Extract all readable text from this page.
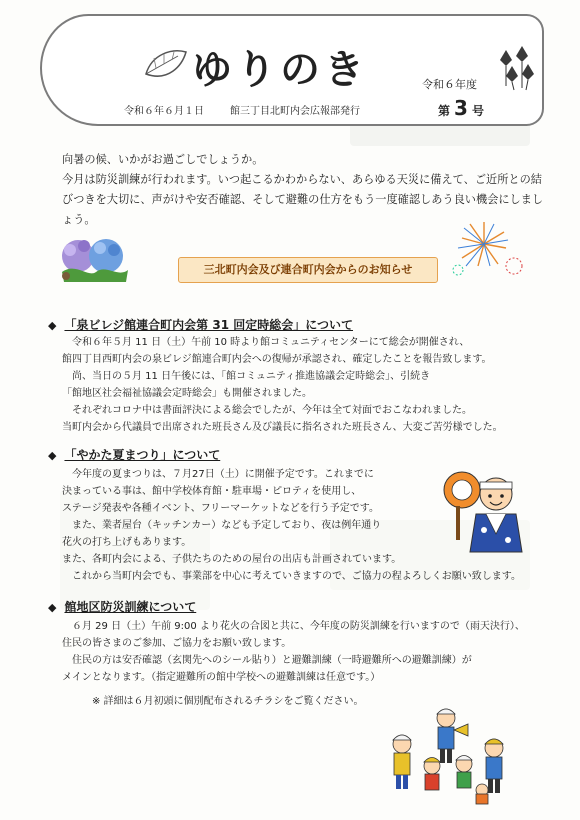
ゆりのき
令和６年６月１日	館三丁目北町内会広報部発行
令和６年度
第 3 号
向暑の候、いかがお過ごしでしょうか。
今月は防災訓練が行われます。いつ起こるかわからない、あらゆる天災に備えて、ご近所との結びつきを大切に、声がけや安否確認、そして避難の仕方をもう一度確認しあう良い機会にしましょう。
三北町内会及び連合町内会からのお知らせ
◆ 「泉ビレジ館連合町内会第 31 回定時総会」について

令和６年５月 11 日（土）午前 10 時より館コミュニティセンターにて総会が開催され、

館四丁目西町内会の泉ビレジ館連合町内会への復帰が承認され、確定したことを報告致します。

尚、当日の５月 11 日午後には、「館コミュニティ推進協議会定時総会」、引続き

「館地区社会福祉協議会定時総会」も開催されました。

それぞれコロナ中は書面評決による総会でしたが、今年は全て対面でおこなわれました。

当町内会から代議員で出席された班長さん及び議長に指名された班長さん、大変ご苦労様でした。

◆ 「やかた夏まつり」について

今年度の夏まつりは、７月27日（土）に開催予定です。これまでに

決まっている事は、館中学校体育館・駐車場・ピロティを使用し、

ステージ発表や各種イベント、フリーマーケットなどを行う予定です。

また、業者屋台（キッチンカー）なども予定しており、夜は例年通り

花火の打ち上げもあります。

また、各町内会による、子供たちのための屋台の出店も計画されています。

これから当町内会でも、事業部を中心に考えていきますので、ご協力の程よろしくお願い致します。

◆ 館地区防災訓練について

６月 29 日（土）午前 9:00 より花火の合図と共に、今年度の防災訓練を行いますので（雨天決行）、

住民の皆さまのご参加、ご協力をお願い致します。

住民の方は安否確認（玄関先へのシール貼り）と避難訓練（一時避難所への避難訓練）が

メインとなります。（指定避難所の館中学校への避難訓練は任意です。）

※ 詳細は６月初頭に個別配布されるチラシをご覧ください。
